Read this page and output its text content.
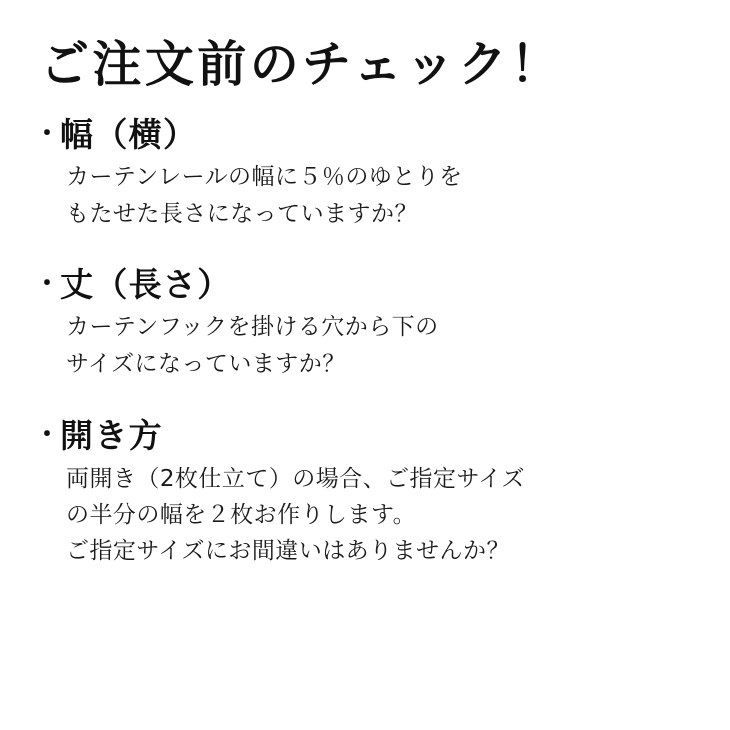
ご注文前のチェック！
・
幅（横）
カーテンレールの幅に５％のゆとりを
もたせた長さになっていますか？
・
丈（長さ）
カーテンフックを掛ける穴から下の
サイズになっていますか？
・
開き方
両開き（2枚仕立て）の場合、ご指定サイズ
の半分の幅を２枚お作りします。
ご指定サイズにお間違いはありませんか？
